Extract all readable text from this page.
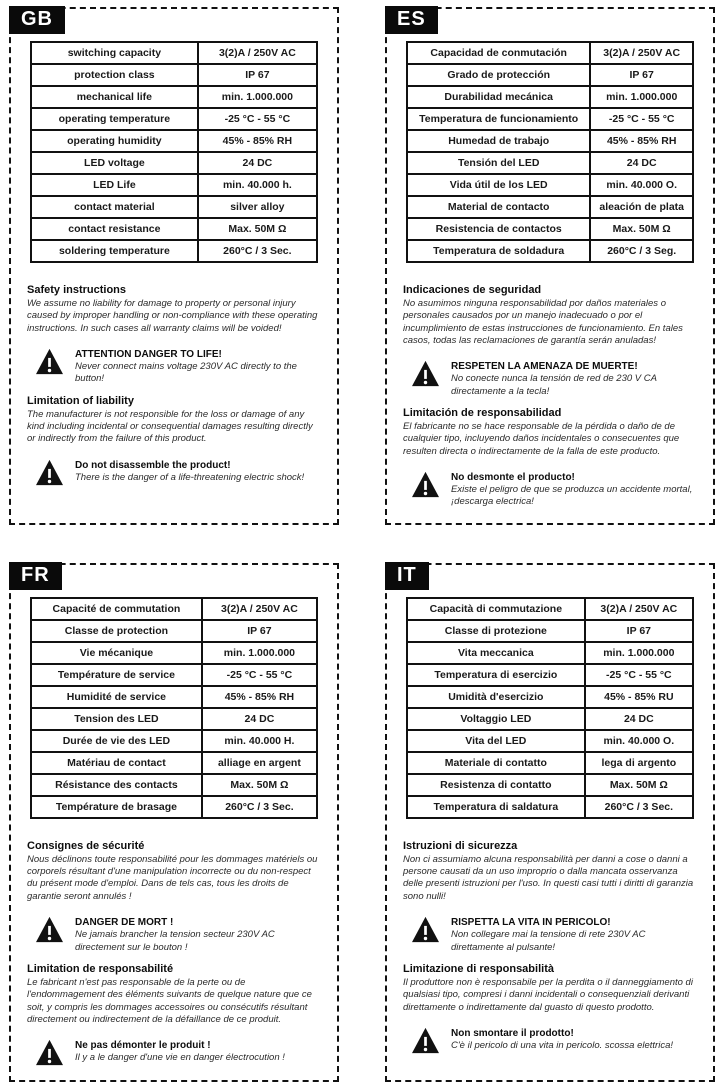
GB
switching capacity	3(2)A / 250V AC
protection class	IP 67
mechanical life	min. 1.000.000
operating temperature	-25 °C - 55 °C
operating humidity	45% - 85% RH
LED voltage	24 DC
LED Life	min. 40.000 h.
contact material	silver alloy
contact resistance	Max. 50M Ω
soldering temperature	260°C / 3 Sec.
Safety instructions

We assume no liability for damage to property or personal injury caused by improper handling or non-compliance with these operating instructions. In such cases all warranty claims will be voided!

ATTENTION DANGER TO LIFE!

Never connect mains voltage 230V AC directly to the button!

Limitation of liability

The manufacturer is not responsible for the loss or damage of any kind including incidental or consequential damages resulting directly or indirectly from the failure of this product.

Do not disassemble the product!

There is the danger of a life-threatening electric shock!

ES
Capacidad de conmutación	3(2)A / 250V AC
Grado de protección	IP 67
Durabilidad mecánica	min. 1.000.000
Temperatura de funcionamiento	-25 °C - 55 °C
Humedad de trabajo	45% - 85% RH
Tensión del LED	24 DC
Vida útil de los LED	min. 40.000 O.
Material de contacto	aleación de plata
Resistencia de contactos	Max. 50M Ω
Temperatura de soldadura	260°C / 3 Seg.
Indicaciones de seguridad

No asumimos ninguna responsabilidad por daños materiales o personales causados por un manejo inadecuado o por el incumplimiento de estas instrucciones de funcionamiento. En tales casos, todas las reclamaciones de garantía serán anuladas!

RESPETEN LA AMENAZA DE MUERTE!

No conecte nunca la tensión de red de 230 V CA directamente a la tecla!

Limitación de responsabilidad

El fabricante no se hace responsable de la pérdida o daño de de cualquier tipo, incluyendo daños incidentales o consecuentes que resulten directa o indirectamente de la falla de este producto.

No desmonte el producto!

Existe el peligro de que se produzca un accidente mortal, ¡descarga electrica!

FR
Capacité de commutation	3(2)A / 250V AC
Classe de protection	IP 67
Vie mécanique	min. 1.000.000
Température de service	-25 °C - 55 °C
Humidité de service	45% - 85% RH
Tension des LED	24 DC
Durée de vie des LED	min. 40.000 H.
Matériau de contact	alliage en argent
Résistance des contacts	Max. 50M Ω
Température de brasage	260°C / 3 Sec.
Consignes de sécurité

Nous déclinons toute responsabilité pour les dommages matériels ou corporels résultant d'une manipulation incorrecte ou du non-respect du présent mode d'emploi. Dans de tels cas, tous les droits de garantie seront annulés !

DANGER DE MORT !

Ne jamais brancher la tension secteur 230V AC directement sur le bouton !

Limitation de responsabilité

Le fabricant n'est pas responsable de la perte ou de l'endommagement des éléments suivants de quelque nature que ce soit, y compris les dommages accessoires ou consécutifs résultant directement ou indirectement de la défaillance de ce produit.

Ne pas démonter le produit !

Il y a le danger d'une vie en danger électrocution !

IT
Capacità di commutazione	3(2)A / 250V AC
Classe di protezione	IP 67
Vita meccanica	min. 1.000.000
Temperatura di esercizio	-25 °C - 55 °C
Umidità d'esercizio	45% - 85% RU
Voltaggio LED	24 DC
Vita del LED	min. 40.000 O.
Materiale di contatto	lega di argento
Resistenza di contatto	Max. 50M Ω
Temperatura di saldatura	260°C / 3 Sec.
Istruzioni di sicurezza

Non ci assumiamo alcuna responsabilità per danni a cose o danni a persone causati da un uso improprio o dalla mancata osservanza delle presenti istruzioni per l'uso. In questi casi tutti i diritti di garanzia sono nulli!

RISPETTA LA VITA IN PERICOLO!

Non collegare mai la tensione di rete 230V AC direttamente al pulsante!

Limitazione di responsabilità

Il produttore non è responsabile per la perdita o il danneggiamento di qualsiasi tipo, compresi i danni incidentali o consequenziali derivanti direttamente o indirettamente dal guasto di questo prodotto.

Non smontare il prodotto!

C'è il pericolo di una vita in pericolo. scossa elettrica!
